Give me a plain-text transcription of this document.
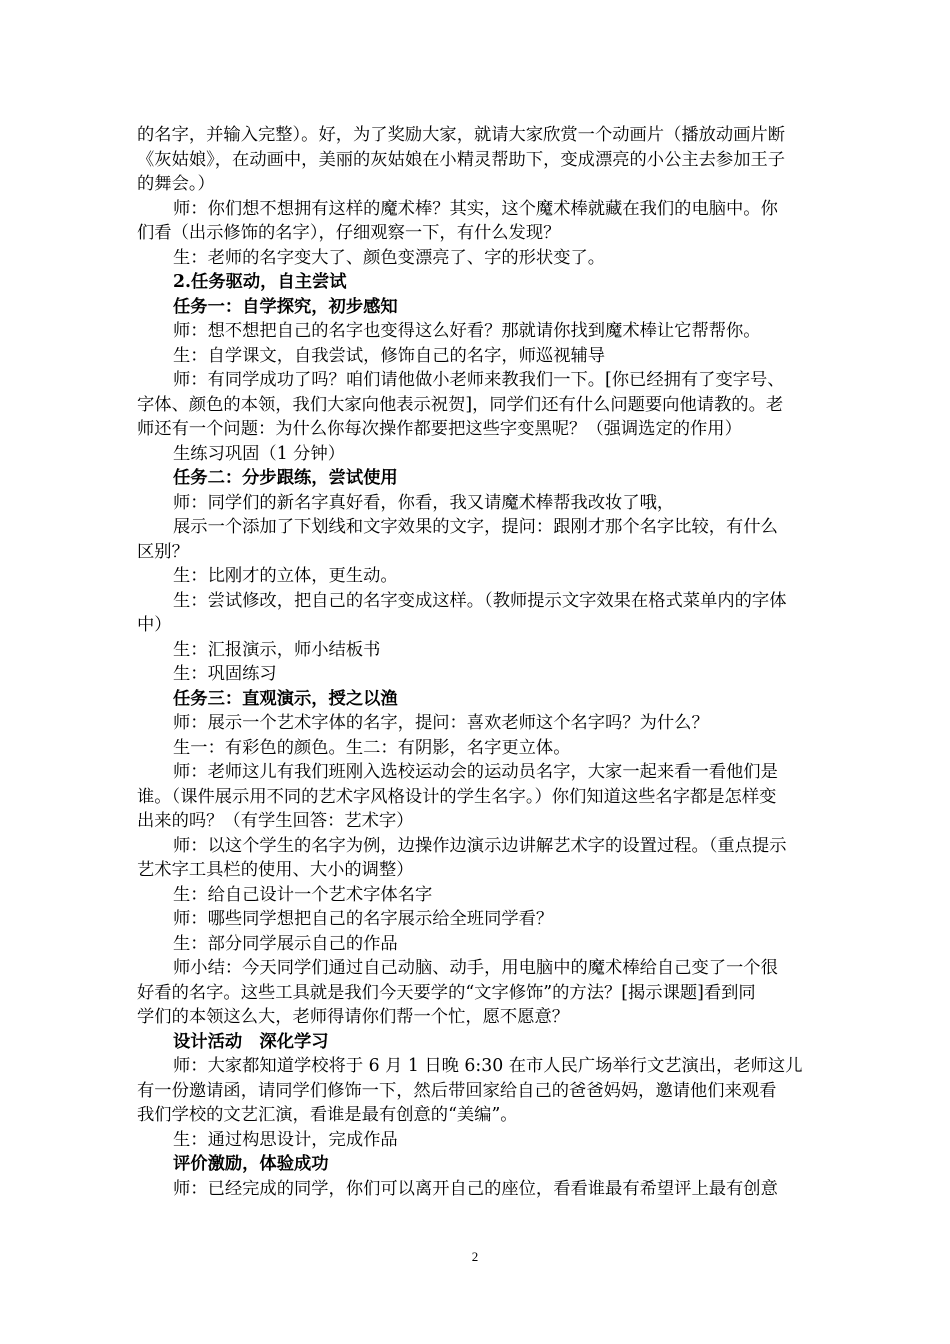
的名字，并输入完整）。好，为了奖励大家，就请大家欣赏一个动画片（播放动画片断
《灰姑娘》，在动画中，美丽的灰姑娘在小精灵帮助下，变成漂亮的小公主去参加王子
的舞会。）
师：你们想不想拥有这样的魔术棒？其实，这个魔术棒就藏在我们的电脑中。你
们看（出示修饰的名字），仔细观察一下，有什么发现？
生：老师的名字变大了、颜色变漂亮了、字的形状变了。
2.任务驱动，自主尝试
任务一：自学探究，初步感知
师：想不想把自己的名字也变得这么好看？那就请你找到魔术棒让它帮帮你。
生：自学课文，自我尝试，修饰自己的名字，师巡视辅导
师：有同学成功了吗？咱们请他做小老师来教我们一下。[你已经拥有了变字号、
字体、颜色的本领，我们大家向他表示祝贺]，同学们还有什么问题要向他请教的。老
师还有一个问题：为什么你每次操作都要把这些字变黑呢？（强调选定的作用）
生练习巩固（1 分钟）
任务二：分步跟练，尝试使用
师：同学们的新名字真好看，你看，我又请魔术棒帮我改妆了哦，
展示一个添加了下划线和文字效果的文字，提问：跟刚才那个名字比较，有什么
区别？
生：比刚才的立体，更生动。
生：尝试修改，把自己的名字变成这样。（教师提示文字效果在格式菜单内的字体
中）
生：汇报演示，师小结板书
生：巩固练习
任务三：直观演示，授之以渔
师：展示一个艺术字体的名字，提问：喜欢老师这个名字吗？为什么？
生一：有彩色的颜色。生二：有阴影，名字更立体。
师：老师这儿有我们班刚入选校运动会的运动员名字，大家一起来看一看他们是
谁。（课件展示用不同的艺术字风格设计的学生名字。）你们知道这些名字都是怎样变
出来的吗？（有学生回答：艺术字）
师：以这个学生的名字为例，边操作边演示边讲解艺术字的设置过程。（重点提示
艺术字工具栏的使用、大小的调整）
生：给自己设计一个艺术字体名字
师：哪些同学想把自己的名字展示给全班同学看？
生：部分同学展示自己的作品
师小结：今天同学们通过自己动脑、动手，用电脑中的魔术棒给自己变了一个很
好看的名字。这些工具就是我们今天要学的“文字修饰”的方法？[揭示课题]看到同
学们的本领这么大，老师得请你们帮一个忙，愿不愿意？
设计活动　深化学习
师：大家都知道学校将于 6 月 1 日晚 6:30 在市人民广场举行文艺演出，老师这儿
有一份邀请函，请同学们修饰一下，然后带回家给自己的爸爸妈妈，邀请他们来观看
我们学校的文艺汇演，看谁是最有创意的“美编”。
生：通过构思设计，完成作品
评价激励，体验成功
师：已经完成的同学，你们可以离开自己的座位，看看谁最有希望评上最有创意
2
